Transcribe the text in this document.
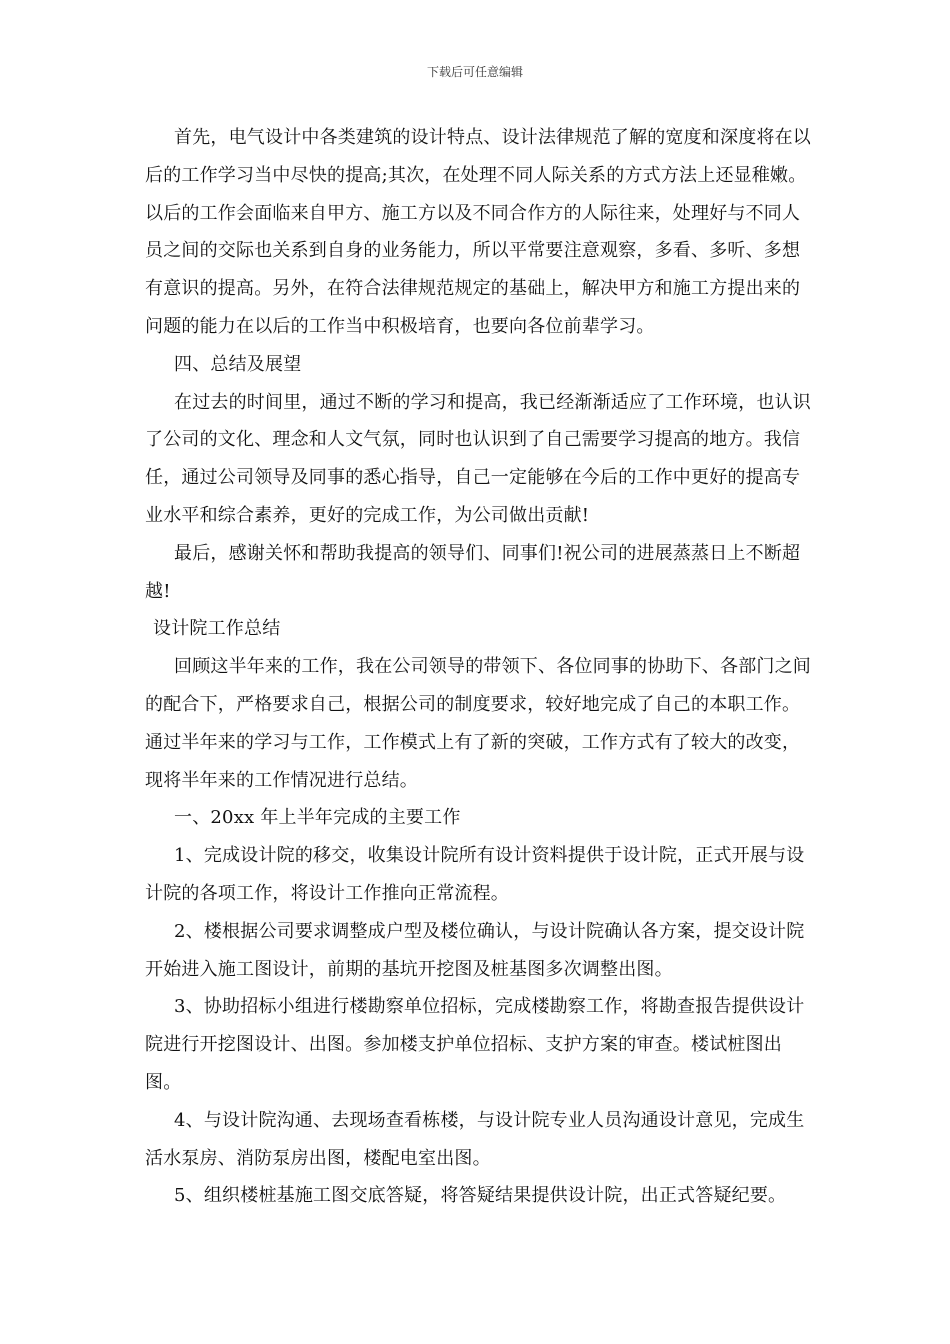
下载后可任意编辑

首先，电气设计中各类建筑的设计特点、设计法律规范了解的宽度和深度将在以后的工作学习当中尽快的提高;其次，在处理不同人际关系的方式方法上还显稚嫩。以后的工作会面临来自甲方、施工方以及不同合作方的人际往来，处理好与不同人员之间的交际也关系到自身的业务能力，所以平常要注意观察，多看、多听、多想有意识的提高。另外，在符合法律规范规定的基础上，解决甲方和施工方提出来的问题的能力在以后的工作当中积极培育，也要向各位前辈学习。

四、总结及展望

在过去的时间里，通过不断的学习和提高，我已经渐渐适应了工作环境，也认识了公司的文化、理念和人文气氛，同时也认识到了自己需要学习提高的地方。我信任，通过公司领导及同事的悉心指导，自己一定能够在今后的工作中更好的提高专业水平和综合素养，更好的完成工作，为公司做出贡献!

最后，感谢关怀和帮助我提高的领导们、同事们!祝公司的进展蒸蒸日上不断超越!

设计院工作总结

回顾这半年来的工作，我在公司领导的带领下、各位同事的协助下、各部门之间的配合下，严格要求自己，根据公司的制度要求，较好地完成了自己的本职工作。通过半年来的学习与工作，工作模式上有了新的突破，工作方式有了较大的改变，现将半年来的工作情况进行总结。

一、20xx 年上半年完成的主要工作

1、完成设计院的移交，收集设计院所有设计资料提供于设计院，正式开展与设计院的各项工作，将设计工作推向正常流程。

2、楼根据公司要求调整成户型及楼位确认，与设计院确认各方案，提交设计院开始进入施工图设计，前期的基坑开挖图及桩基图多次调整出图。

3、协助招标小组进行楼勘察单位招标，完成楼勘察工作，将勘查报告提供设计院进行开挖图设计、出图。参加楼支护单位招标、支护方案的审查。楼试桩图出图。

4、与设计院沟通、去现场查看栋楼，与设计院专业人员沟通设计意见，完成生活水泵房、消防泵房出图，楼配电室出图。

5、组织楼桩基施工图交底答疑，将答疑结果提供设计院，出正式答疑纪要。
